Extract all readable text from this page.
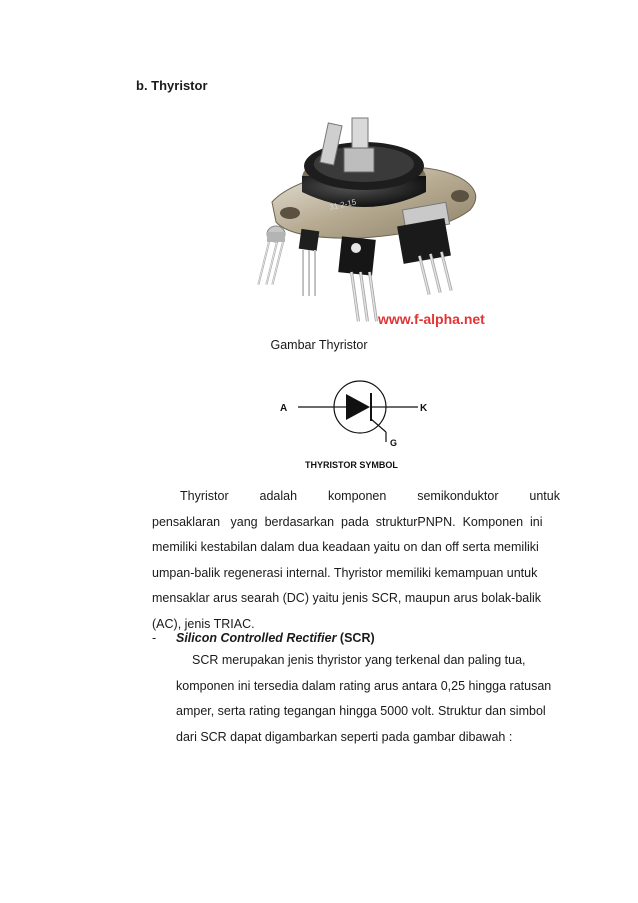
b. Thyristor
31 2-15
www.f-alpha.net
Gambar Thyristor
A	K
G
THYRISTOR SYMBOL
Thyristor adalah komponen semikonduktor untuk
pensaklaran   yang  berdasarkan  pada  strukturPNPN.  Komponen  ini
memiliki kestabilan dalam dua keadaan yaitu on dan off serta memiliki
umpan-balik regenerasi internal. Thyristor memiliki kemampuan untuk
mensaklar arus searah (DC) yaitu jenis SCR, maupun arus bolak-balik
(AC), jenis TRIAC.
- Silicon Controlled Rectifier (SCR)
SCR merupakan jenis thyristor yang terkenal dan paling tua,
komponen ini tersedia dalam rating arus antara 0,25 hingga ratusan
amper, serta rating tegangan hingga 5000 volt. Struktur dan simbol
dari SCR dapat digambarkan seperti pada gambar dibawah :
